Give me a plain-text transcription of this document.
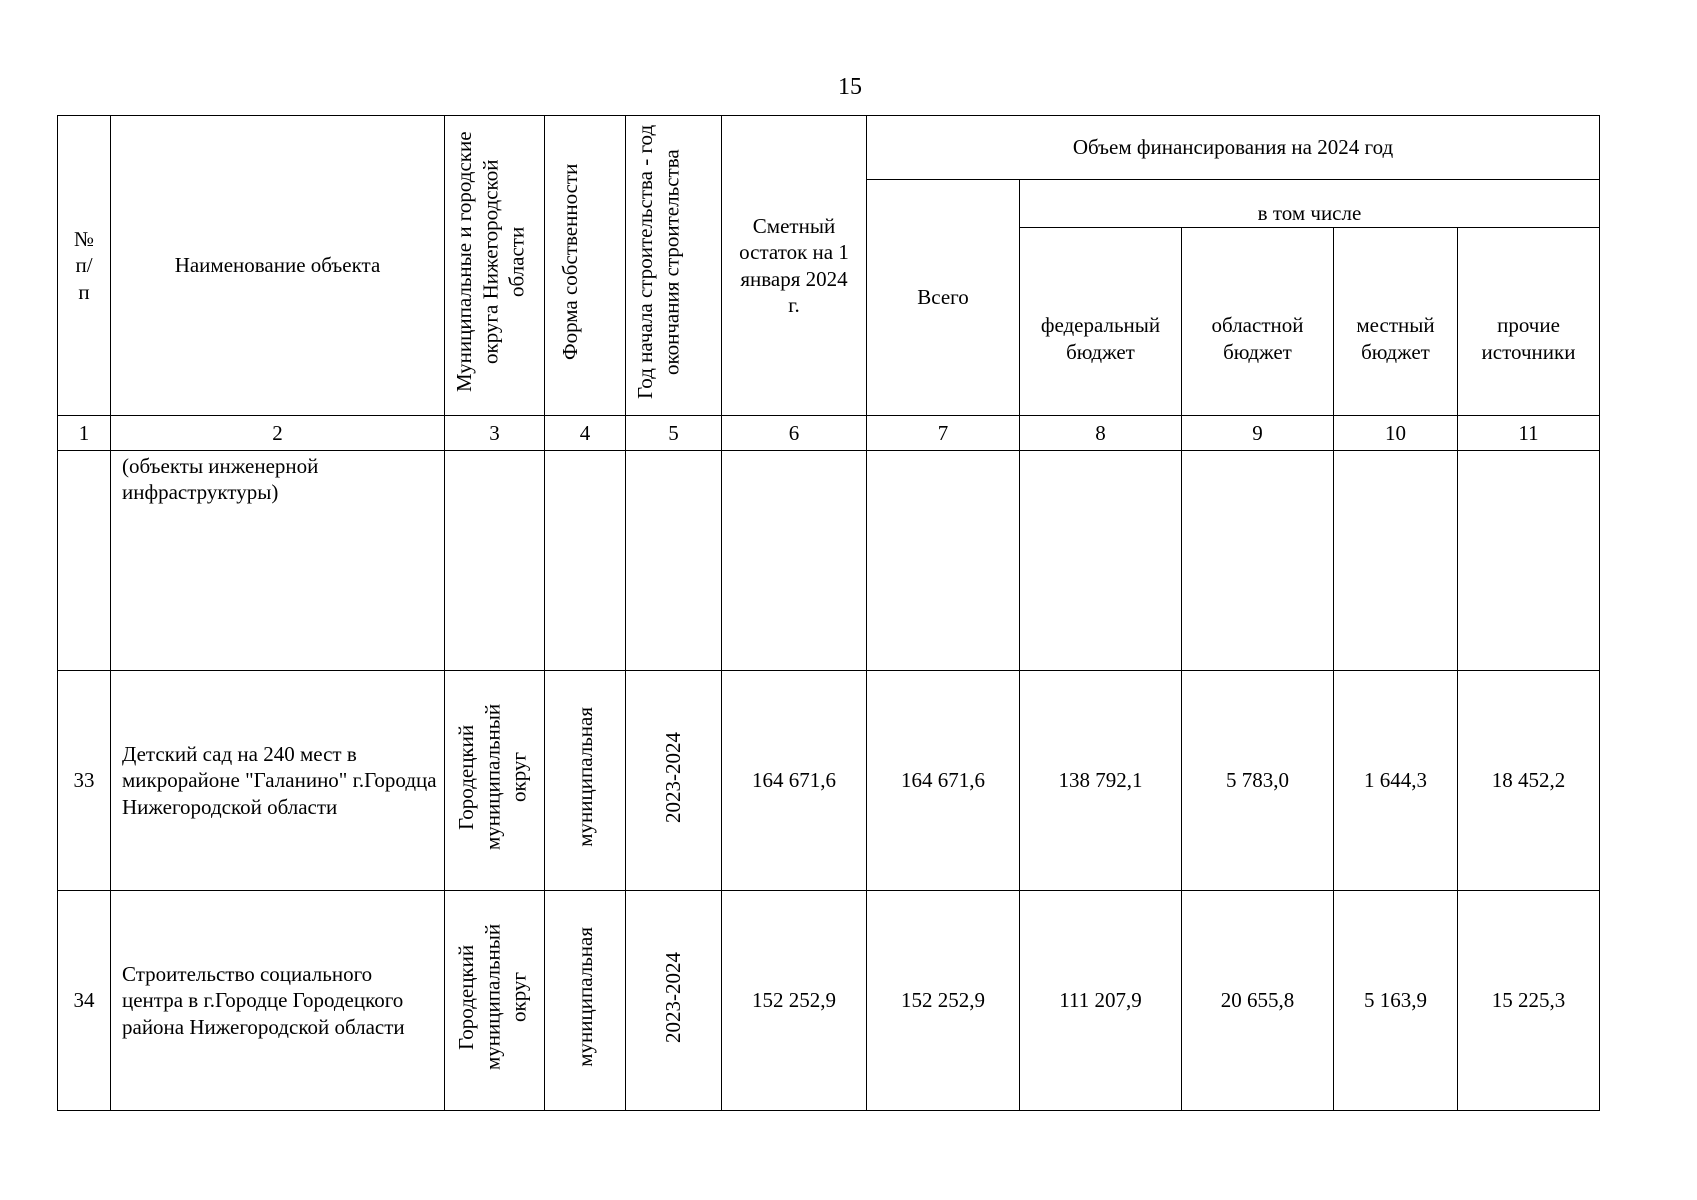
15
№ п/ п	Наименование объекта	Муниципальные и городские округа Нижегородской области	Форма собственности	Год начала строительства - год окончания строительства	Сметный остаток на 1 января 2024 г.	Объем финансирования на 2024 год				
						Всего	в том числе			
							федеральный бюджет	областной бюджет	местный бюджет	прочие источники
1	2	3	4	5	6	7	8	9	10	11
	(объекты инженерной инфраструктуры)									
33	Детский сад на 240 мест в микрорайоне "Галанино" г.Городца Нижегородской области	Городецкий муниципальный округ	муниципальная	2023-2024	164 671,6	164 671,6	138 792,1	5 783,0	1 644,3	18 452,2
34	Строительство социального центра в г.Городце Городецкого района Нижегородской области	Городецкий муниципальный округ	муниципальная	2023-2024	152 252,9	152 252,9	111 207,9	20 655,8	5 163,9	15 225,3
